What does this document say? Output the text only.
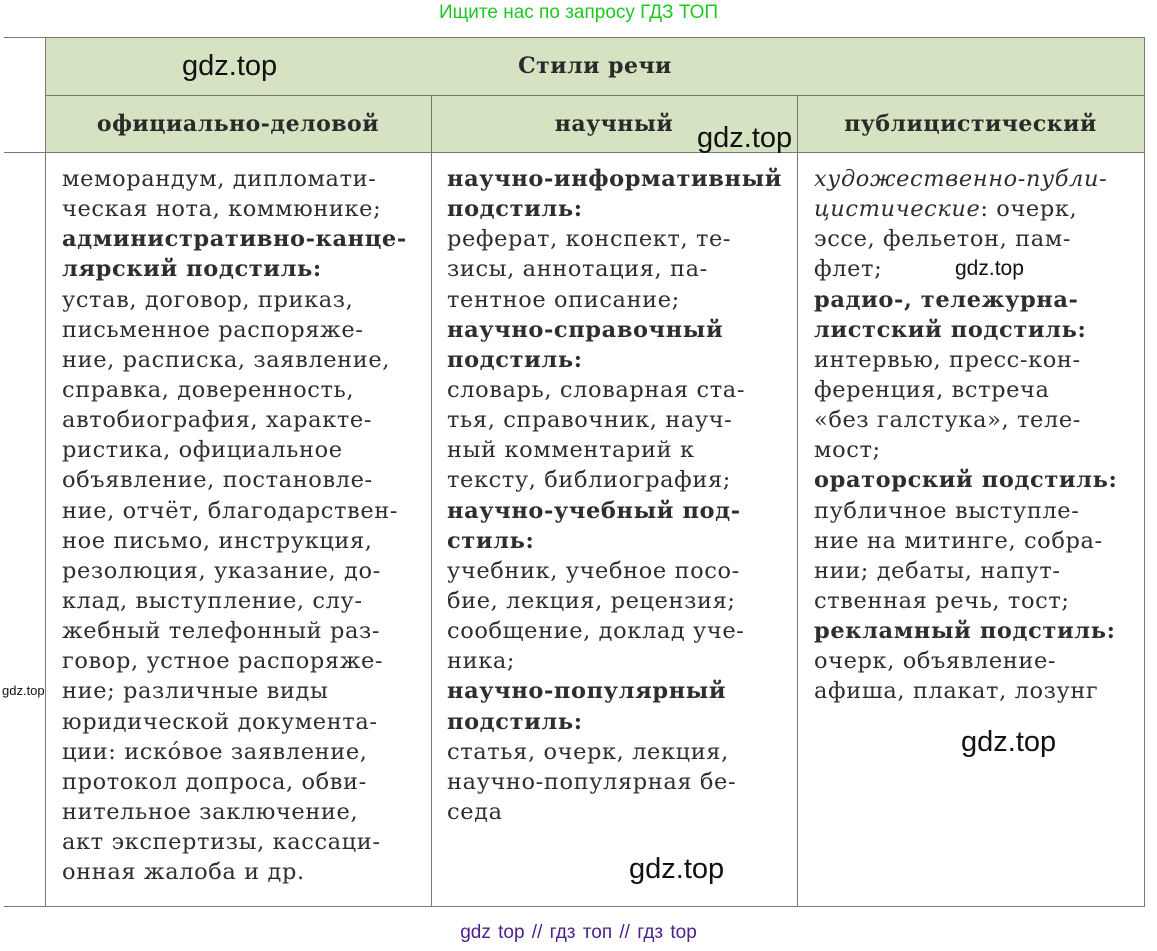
Ищите нас по запросу ГДЗ ТОП
Стили речи
официально-деловой	научный	публицистический
меморандум, дипломати-
ческая нота, коммюнике;
административно-канце-
лярский подстиль:
устав, договор, приказ,
письменное распоряже-
ние, расписка, заявление,
справка, доверенность,
автобиография, характе-
ристика, официальное
объявление, постановле-
ние, отчёт, благодарствен-
ное письмо, инструкция,
резолюция, указание, до-
клад, выступление, слу-
жебный телефонный раз-
говор, устное распоряже-
ние; различные виды
юридической документа-
ции: искóвое заявление,
протокол допроса, обви-
нительное заключение,
акт экспертизы, кассаци-
онная жалоба и др.
научно-информативный
подстиль:
реферат, конспект, те-
зисы, аннотация, па-
тентное описание;
научно-справочный
подстиль:
словарь, словарная ста-
тья, справочник, науч-
ный комментарий к
тексту, библиография;
научно-учебный под-
стиль:
учебник, учебное посо-
бие, лекция, рецензия;
сообщение, доклад уче-
ника;
научно-популярный
подстиль:
статья, очерк, лекция,
научно-популярная бе-
седа
художественно-публи-
цистические: очерк,
эссе, фельетон, пам-
флет;
радио-, тележурна-
листский подстиль:
интервью, пресс-кон-
ференция, встреча
«без галстука», теле-
мост;
ораторский подстиль:
публичное выступле-
ние на митинге, собра-
нии; дебаты, напут-
ственная речь, тост;
рекламный подстиль:
очерк, объявление-
афиша, плакат, лозунг
gdz.top
gdz.top
gdz.top
gdz.top
gdz.top
gdz.top
gdz top // гдз топ // гдз top
